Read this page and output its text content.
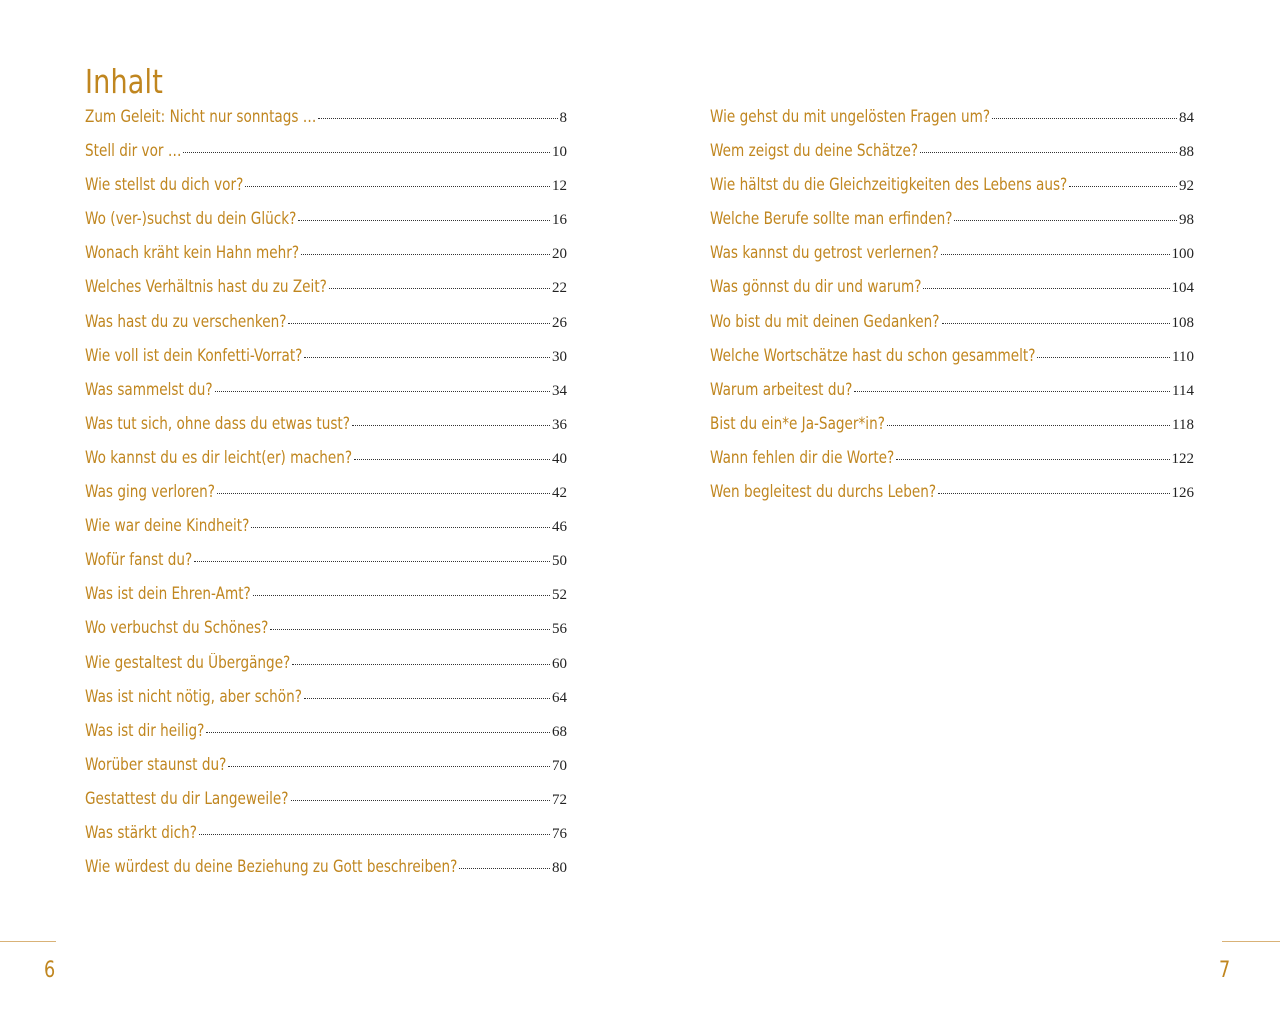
Inhalt
Zum Geleit: Nicht nur sonntags …	8
Stell dir vor …	10
Wie stellst du dich vor?	12
Wo (ver-)suchst du dein Glück?	16
Wonach kräht kein Hahn mehr?	20
Welches Verhältnis hast du zu Zeit?	22
Was hast du zu verschenken?	26
Wie voll ist dein Konfetti-Vorrat?	30
Was sammelst du?	34
Was tut sich, ohne dass du etwas tust?	36
Wo kannst du es dir leicht(er) machen?	40
Was ging verloren?	42
Wie war deine Kindheit?	46
Wofür fanst du?	50
Was ist dein Ehren-Amt?	52
Wo verbuchst du Schönes?	56
Wie gestaltest du Übergänge?	60
Was ist nicht nötig, aber schön?	64
Was ist dir heilig?	68
Worüber staunst du?	70
Gestattest du dir Langeweile?	72
Was stärkt dich?	76
Wie würdest du deine Beziehung zu Gott beschreiben?	80
Wie gehst du mit ungelösten Fragen um?	84
Wem zeigst du deine Schätze?	88
Wie hältst du die Gleichzeitigkeiten des Lebens aus?	92
Welche Berufe sollte man erfinden?	98
Was kannst du getrost verlernen?	100
Was gönnst du dir und warum?	104
Wo bist du mit deinen Gedanken?	108
Welche Wortschätze hast du schon gesammelt?	110
Warum arbeitest du?	114
Bist du ein*e Ja-Sager*in?	118
Wann fehlen dir die Worte?	122
Wen begleitest du durchs Leben?	126
6	7
